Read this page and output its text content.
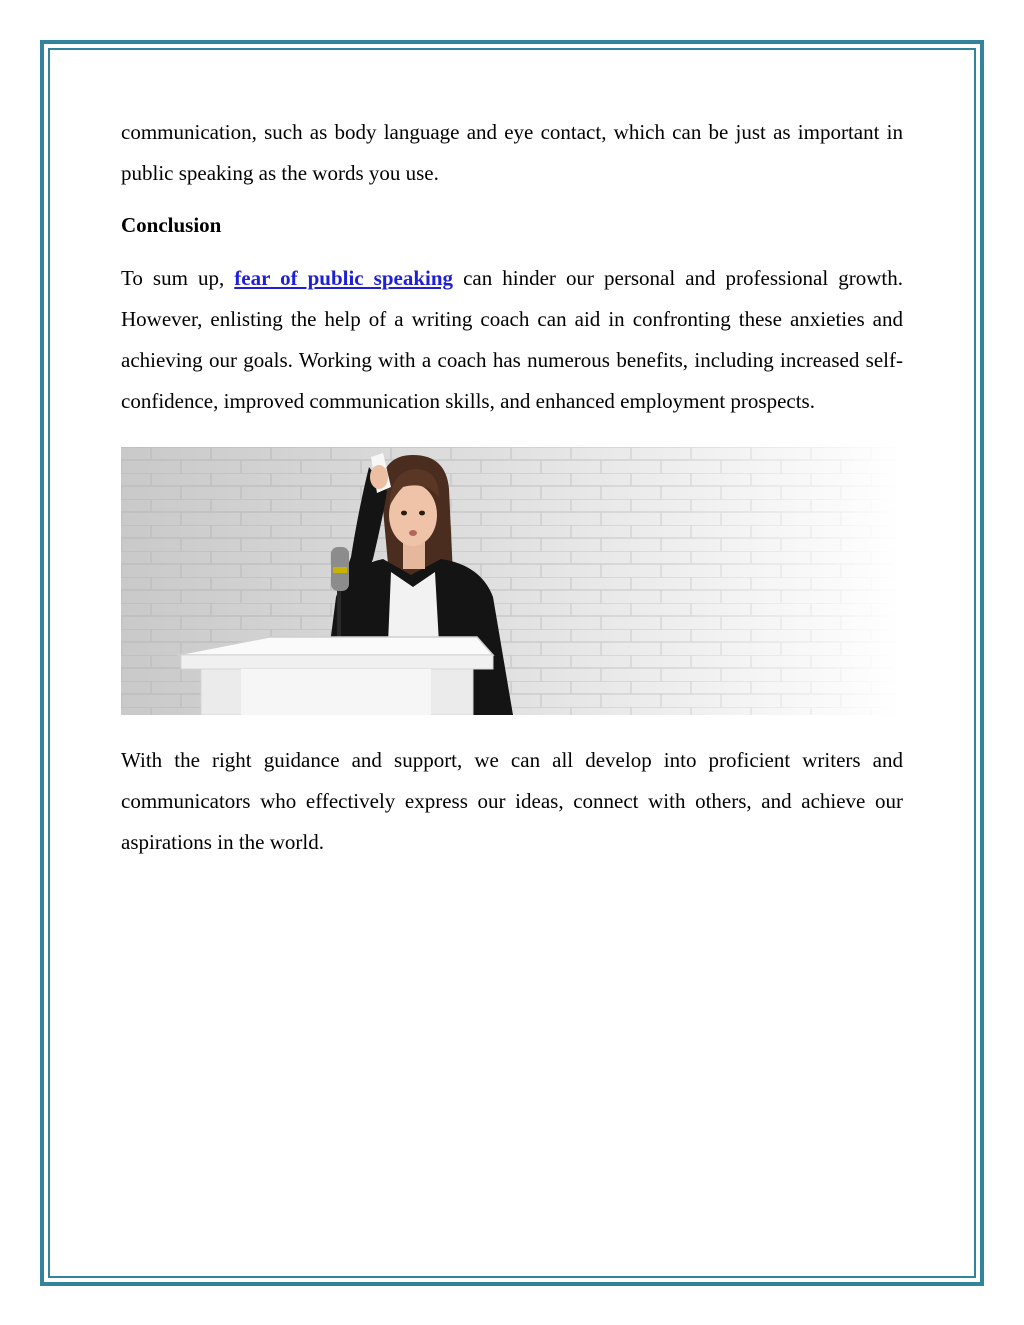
communication, such as body language and eye contact, which can be just as important in public speaking as the words you use.

Conclusion

To sum up, fear of public speaking can hinder our personal and professional growth. However, enlisting the help of a writing coach can aid in confronting these anxieties and achieving our goals. Working with a coach has numerous benefits, including increased self-confidence, improved communication skills, and enhanced employment prospects.

With the right guidance and support, we can all develop into proficient writers and communicators who effectively express our ideas, connect with others, and achieve our aspirations in the world.
